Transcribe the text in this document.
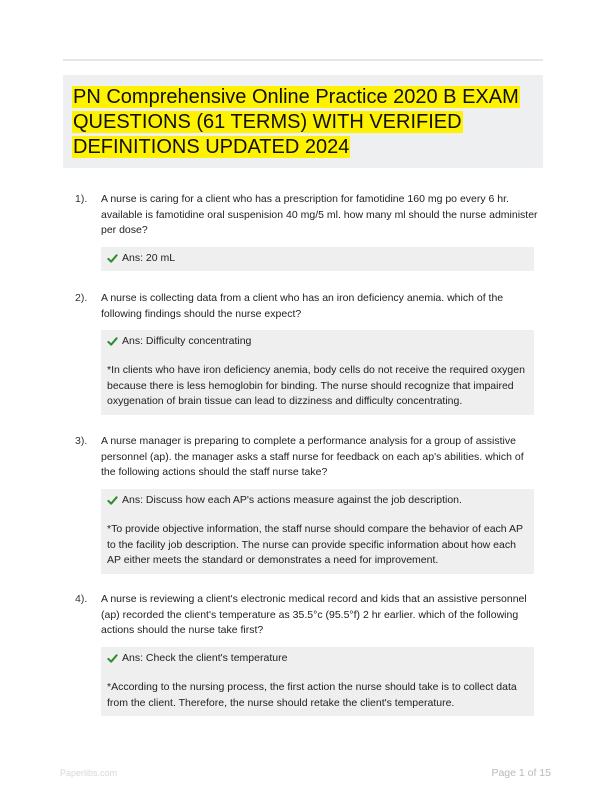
PN Comprehensive Online Practice 2020 B EXAM QUESTIONS (61 TERMS) WITH VERIFIED DEFINITIONS UPDATED 2024
1). A nurse is caring for a client who has a prescription for famotidine 160 mg po every 6 hr. available is famotidine oral suspenision 40 mg/5 ml. how many ml should the nurse administer per dose?
Ans: 20 mL
2). A nurse is collecting data from a client who has an iron deficiency anemia. which of the following findings should the nurse expect?
Ans: Difficulty concentrating
*In clients who have iron deficiency anemia, body cells do not receive the required oxygen because there is less hemoglobin for binding. The nurse should recognize that impaired oxygenation of brain tissue can lead to dizziness and difficulty concentrating.
3). A nurse manager is preparing to complete a performance analysis for a group of assistive personnel (ap). the manager asks a staff nurse for feedback on each ap's abilities. which of the following actions should the staff nurse take?
Ans: Discuss how each AP's actions measure against the job description.
*To provide objective information, the staff nurse should compare the behavior of each AP to the facility job description. The nurse can provide specific information about how each AP either meets the standard or demonstrates a need for improvement.
4). A nurse is reviewing a client's electronic medical record and kids that an assistive personnel (ap) recorded the client's temperature as 35.5°c (95.5°f) 2 hr earlier. which of the following actions should the nurse take first?
Ans: Check the client's temperature
*According to the nursing process, the first action the nurse should take is to collect data from the client. Therefore, the nurse should retake the client's temperature.
Paperlibs.com	Page 1 of 15
